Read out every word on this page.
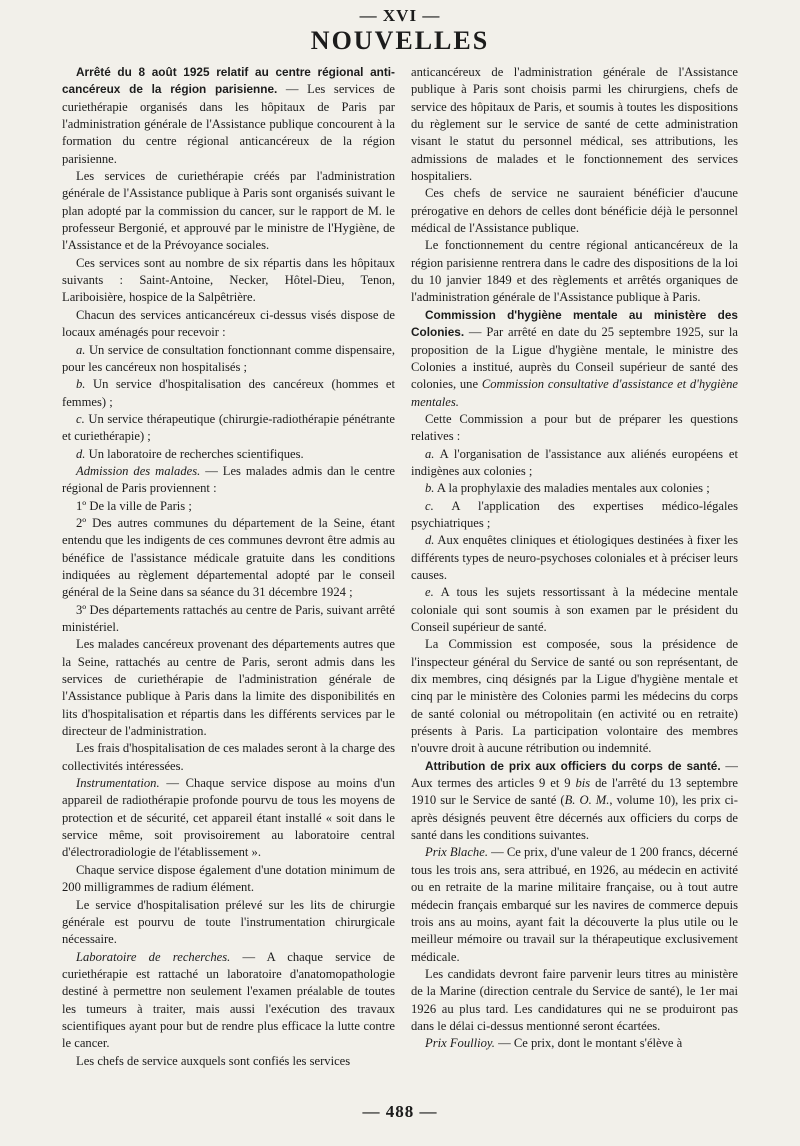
— XVI —
NOUVELLES

Arrêté du 8 août 1925 relatif au centre régional anti-cancéreux de la région parisienne. — Les services de curiethérapie organisés dans les hôpitaux de Paris par l'administration générale de l'Assistance publique concourent à la formation du centre régional anticancéreux de la région parisienne.

Les services de curiethérapie créés par l'administration générale de l'Assistance publique à Paris sont organisés suivant le plan adopté par la commission du cancer, sur le rapport de M. le professeur Bergonié, et approuvé par le ministre de l'Hygiène, de l'Assistance et de la Prévoyance sociales.

Ces services sont au nombre de six répartis dans les hôpitaux suivants : Saint-Antoine, Necker, Hôtel-Dieu, Tenon, Lariboisière, hospice de la Salpêtrière.

Chacun des services anticancéreux ci-dessus visés dispose de locaux aménagés pour recevoir :

a. Un service de consultation fonctionnant comme dispensaire, pour les cancéreux non hospitalisés ;

b. Un service d'hospitalisation des cancéreux (hommes et femmes) ;

c. Un service thérapeutique (chirurgie-radiothérapie pénétrante et curiethérapie) ;

d. Un laboratoire de recherches scientifiques.

Admission des malades. — Les malades admis dan le centre régional de Paris proviennent :

1º De la ville de Paris ;

2º Des autres communes du département de la Seine, étant entendu que les indigents de ces communes devront être admis au bénéfice de l'assistance médicale gratuite dans les conditions indiquées au règlement départemental adopté par le conseil général de la Seine dans sa séance du 31 décembre 1924 ;

3º Des départements rattachés au centre de Paris, suivant arrêté ministériel.

Les malades cancéreux provenant des départements autres que la Seine, rattachés au centre de Paris, seront admis dans les services de curiethérapie de l'administration générale de l'Assistance publique à Paris dans la limite des disponibilités en lits d'hospitalisation et répartis dans les différents services par le directeur de l'administration.

Les frais d'hospitalisation de ces malades seront à la charge des collectivités intéressées.

Instrumentation. — Chaque service dispose au moins d'un appareil de radiothérapie profonde pourvu de tous les moyens de protection et de sécurité, cet appareil étant installé « soit dans le service même, soit provisoirement au laboratoire central d'électroradiologie de l'établissement ».

Chaque service dispose également d'une dotation minimum de 200 milligrammes de radium élément.

Le service d'hospitalisation prélevé sur les lits de chirurgie générale est pourvu de toute l'instrumentation chirurgicale nécessaire.

Laboratoire de recherches. — A chaque service de curiethérapie est rattaché un laboratoire d'anatomopathologie destiné à permettre non seulement l'examen préalable de toutes les tumeurs à traiter, mais aussi l'exécution des travaux scientifiques ayant pour but de rendre plus efficace la lutte contre le cancer.

Les chefs de service auxquels sont confiés les services

anticancéreux de l'administration générale de l'Assistance publique à Paris sont choisis parmi les chirurgiens, chefs de service des hôpitaux de Paris, et soumis à toutes les dispositions du règlement sur le service de santé de cette administration visant le statut du personnel médical, ses attributions, les admissions de malades et le fonctionnement des services hospitaliers.

Ces chefs de service ne sauraient bénéficier d'aucune prérogative en dehors de celles dont bénéficie déjà le personnel médical de l'Assistance publique.

Le fonctionnement du centre régional anticancéreux de la région parisienne rentrera dans le cadre des dispositions de la loi du 10 janvier 1849 et des règlements et arrêtés organiques de l'administration générale de l'Assistance publique à Paris.

Commission d'hygiène mentale au ministère des Colonies. — Par arrêté en date du 25 septembre 1925, sur la proposition de la Ligue d'hygiène mentale, le ministre des Colonies a institué, auprès du Conseil supérieur de santé des colonies, une Commission consultative d'assistance et d'hygiène mentales.

Cette Commission a pour but de préparer les questions relatives :

a. A l'organisation de l'assistance aux aliénés européens et indigènes aux colonies ;

b. A la prophylaxie des maladies mentales aux colonies ;

c. A l'application des expertises médico-légales psychiatriques ;

d. Aux enquêtes cliniques et étiologiques destinées à fixer les différents types de neuro-psychoses coloniales et à préciser leurs causes.

e. A tous les sujets ressortissant à la médecine mentale coloniale qui sont soumis à son examen par le président du Conseil supérieur de santé.

La Commission est composée, sous la présidence de l'inspecteur général du Service de santé ou son représentant, de dix membres, cinq désignés par la Ligue d'hygiène mentale et cinq par le ministère des Colonies parmi les médecins du corps de santé colonial ou métropolitain (en activité ou en retraite) présents à Paris. La participation volontaire des membres n'ouvre droit à aucune rétribution ou indemnité.

Attribution de prix aux officiers du corps de santé. — Aux termes des articles 9 et 9 bis de l'arrêté du 13 septembre 1910 sur le Service de santé (B. O. M., volume 10), les prix ci-après désignés peuvent être décernés aux officiers du corps de santé dans les conditions suivantes.

Prix Blache. — Ce prix, d'une valeur de 1 200 francs, décerné tous les trois ans, sera attribué, en 1926, au médecin en activité ou en retraite de la marine militaire française, ou à tout autre médecin français embarqué sur les navires de commerce depuis trois ans au moins, ayant fait la découverte la plus utile ou le meilleur mémoire ou travail sur la thérapeutique exclusivement médicale.

Les candidats devront faire parvenir leurs titres au ministère de la Marine (direction centrale du Service de santé), le 1er mai 1926 au plus tard. Les candidatures qui ne se produiront pas dans le délai ci-dessus mentionné seront écartées.

Prix Foullioy. — Ce prix, dont le montant s'élève à

— 488 —
